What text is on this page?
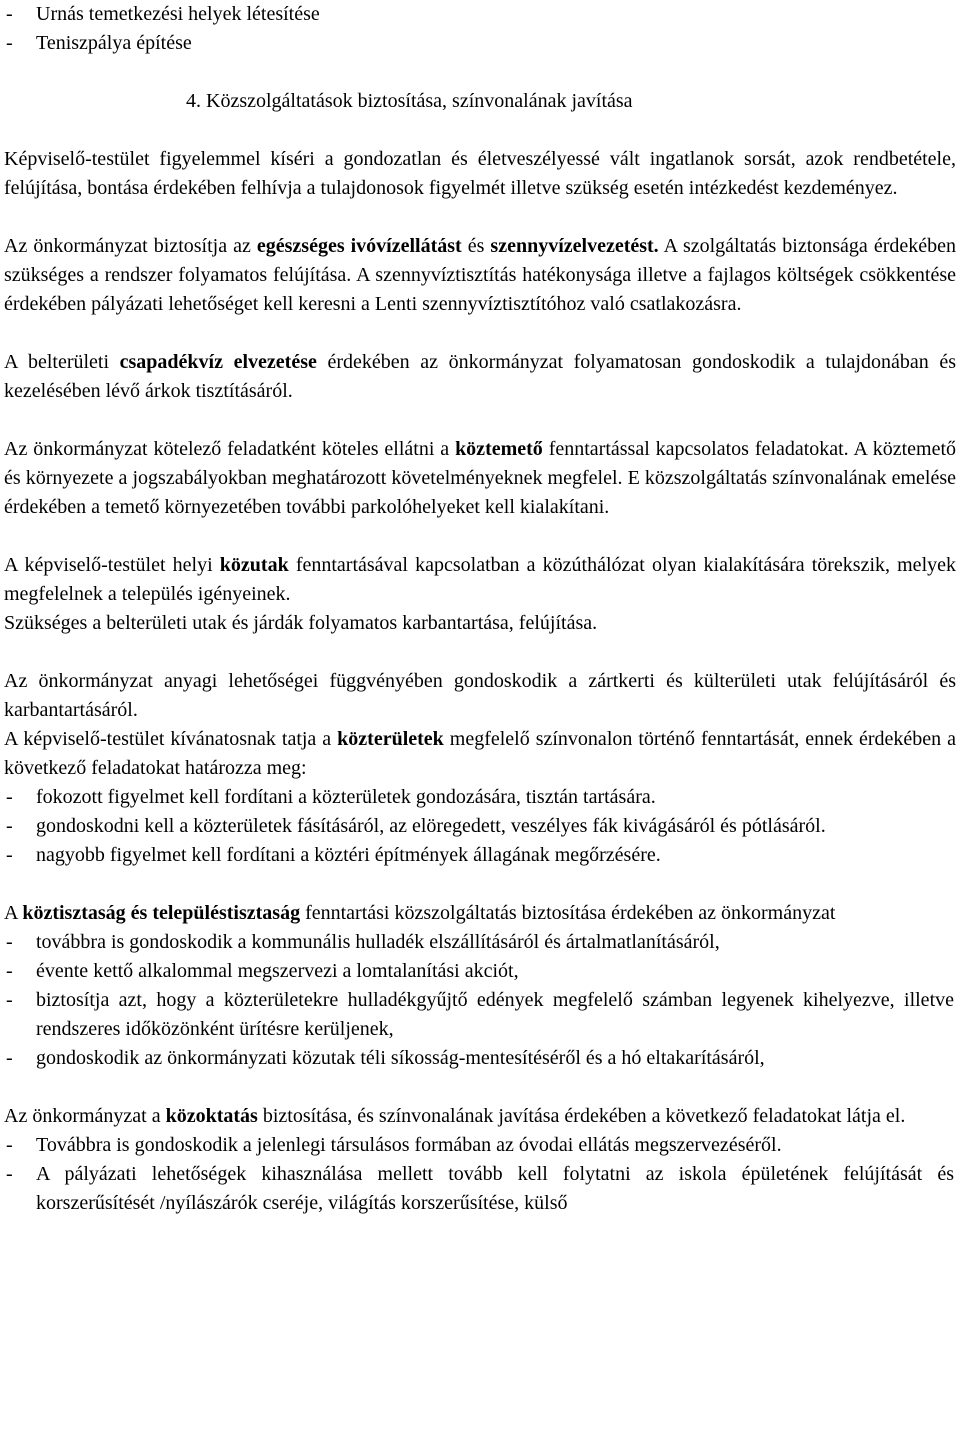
-	Urnás temetkezési helyek létesítése
-	Teniszpálya építése

4. Közszolgáltatások biztosítása, színvonalának javítása

Képviselő-testület figyelemmel kíséri a gondozatlan és életveszélyessé vált ingatlanok sorsát, azok rendbetétele, felújítása, bontása érdekében felhívja a tulajdonosok figyelmét illetve szükség esetén intézkedést kezdeményez.

Az önkormányzat biztosítja az egészséges ivóvízellátást és szennyvízelvezetést. A szolgáltatás biztonsága érdekében szükséges a rendszer folyamatos felújítása. A szennyvíztisztítás hatékonysága illetve a fajlagos költségek csökkentése érdekében pályázati lehetőséget kell keresni a Lenti szennyvíztisztítóhoz való csatlakozásra.

A belterületi csapadékvíz elvezetése érdekében az önkormányzat folyamatosan gondoskodik a tulajdonában és kezelésében lévő árkok tisztításáról.

Az önkormányzat kötelező feladatként köteles ellátni a köztemető fenntartással kapcsolatos feladatokat. A köztemető és környezete a jogszabályokban meghatározott követelményeknek megfelel. E közszolgáltatás színvonalának emelése érdekében a temető környezetében további parkolóhelyeket kell kialakítani.

A képviselő-testület helyi közutak fenntartásával kapcsolatban a közúthálózat olyan kialakítására törekszik, melyek megfelelnek a település igényeinek.

Szükséges a belterületi utak és járdák folyamatos karbantartása, felújítása.

Az önkormányzat anyagi lehetőségei függvényében gondoskodik a zártkerti és külterületi utak felújításáról és karbantartásáról.

A képviselő-testület kívánatosnak tatja a közterületek megfelelő színvonalon történő fenntartását, ennek érdekében a következő feladatokat határozza meg:

-	fokozott figyelmet kell fordítani a közterületek gondozására, tisztán tartására.
-	gondoskodni kell a közterületek fásításáról, az elöregedett, veszélyes fák kivágásáról és pótlásáról.
-	nagyobb figyelmet kell fordítani a köztéri építmények állagának megőrzésére.

A köztisztaság és településtisztaság fenntartási közszolgáltatás biztosítása érdekében az önkormányzat

-	továbbra is gondoskodik a kommunális hulladék elszállításáról és ártalmatlanításáról,
-	évente kettő alkalommal megszervezi a lomtalanítási akciót,
-	biztosítja azt, hogy a közterületekre hulladékgyűjtő edények megfelelő számban legyenek kihelyezve, illetve rendszeres időközönként ürítésre kerüljenek,
-	gondoskodik az önkormányzati közutak téli síkosság-mentesítéséről és a hó eltakarításáról,

Az önkormányzat a közoktatás biztosítása, és színvonalának javítása érdekében a következő feladatokat látja el.

-	Továbbra is gondoskodik a jelenlegi társulásos formában az óvodai ellátás megszervezéséről.
-	A pályázati lehetőségek kihasználása mellett tovább kell folytatni az iskola épületének felújítását és korszerűsítését /nyílászárók cseréje, világítás korszerűsítése, külső
